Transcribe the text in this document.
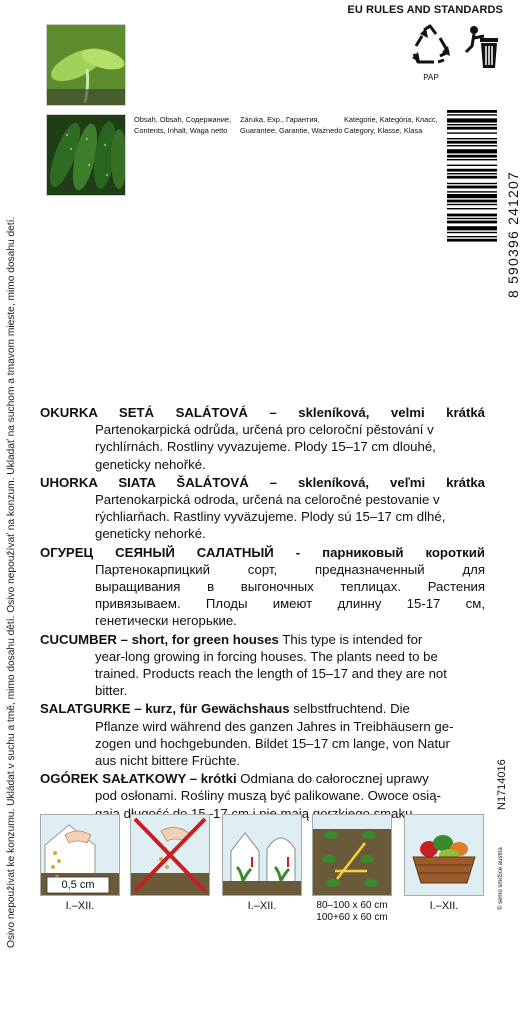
Osivo nepoužívat ke konzumu. Ukládat v suchu a tmě, mimo dosahu dětí. Osivo nepoužívať na konzum. Ukladať na suchom a tmavom mieste, mimo dosahu detí.
EU RULES AND STANDARDS
PAP
Obsah, Obsah, Содержание,
Contents, Inhalt, Waga netto
Záruka, Exp., Гарантия,
Guarantee, Garantie, Ważnedo
Kategorie, Kategória, Класс,
Category, Klasse, Klasa
8 590396 241207
OKURKA SETÁ SALÁTOVÁ – skleníková, velmi krátká
Partenokarpická odrůda, určená pro celoroční pěstování v
rychlírnách. Rostliny vyvazujeme. Plody 15–17 cm dlouhé,
geneticky nehořké.
UHORKA SIATA ŠALÁTOVÁ – skleníková, veľmi krátka
Partenokarpická odroda, určená na celoročné pestovanie v
rýchliarňach. Rastliny vyväzujeme. Plody sú 15–17 cm dlhé,
geneticky nehorké.
ОГУРЕЦ СЕЯНЫЙ САЛАТНЫЙ - парниковый короткий
Партенокарпицкий сорт, предназначенный для
выращивания в выгоночных теплицах. Растения
привязываем. Плоды имеют длинну 15-17 см,
генетически негорькие.
CUCUMBER – short, for green houses This type is intended for
year-long growing in forcing houses. The plants need to be
trained. Products reach the length of 15–17 and they are not
bitter.
SALATGURKE – kurz, für Gewächshaus selbstfruchtend. Die
Pflanze wird während des ganzen Jahres in Treibhäusern ge-
zogen und hochgebunden. Bildet 15–17 cm lange, von Natur
aus nicht bittere Früchte.
OGÓREK SAŁATKOWY – krótki Odmiana do całorocznej uprawy
pod osłonami. Rośliny muszą być palikowane. Owoce osią-
smaku.
N1714016
© semo smržice austria
0,5 cm
I.–XII.	I.–XII.	80–100 x 60 cm
100+60 x 60 cm
I.–XII.
